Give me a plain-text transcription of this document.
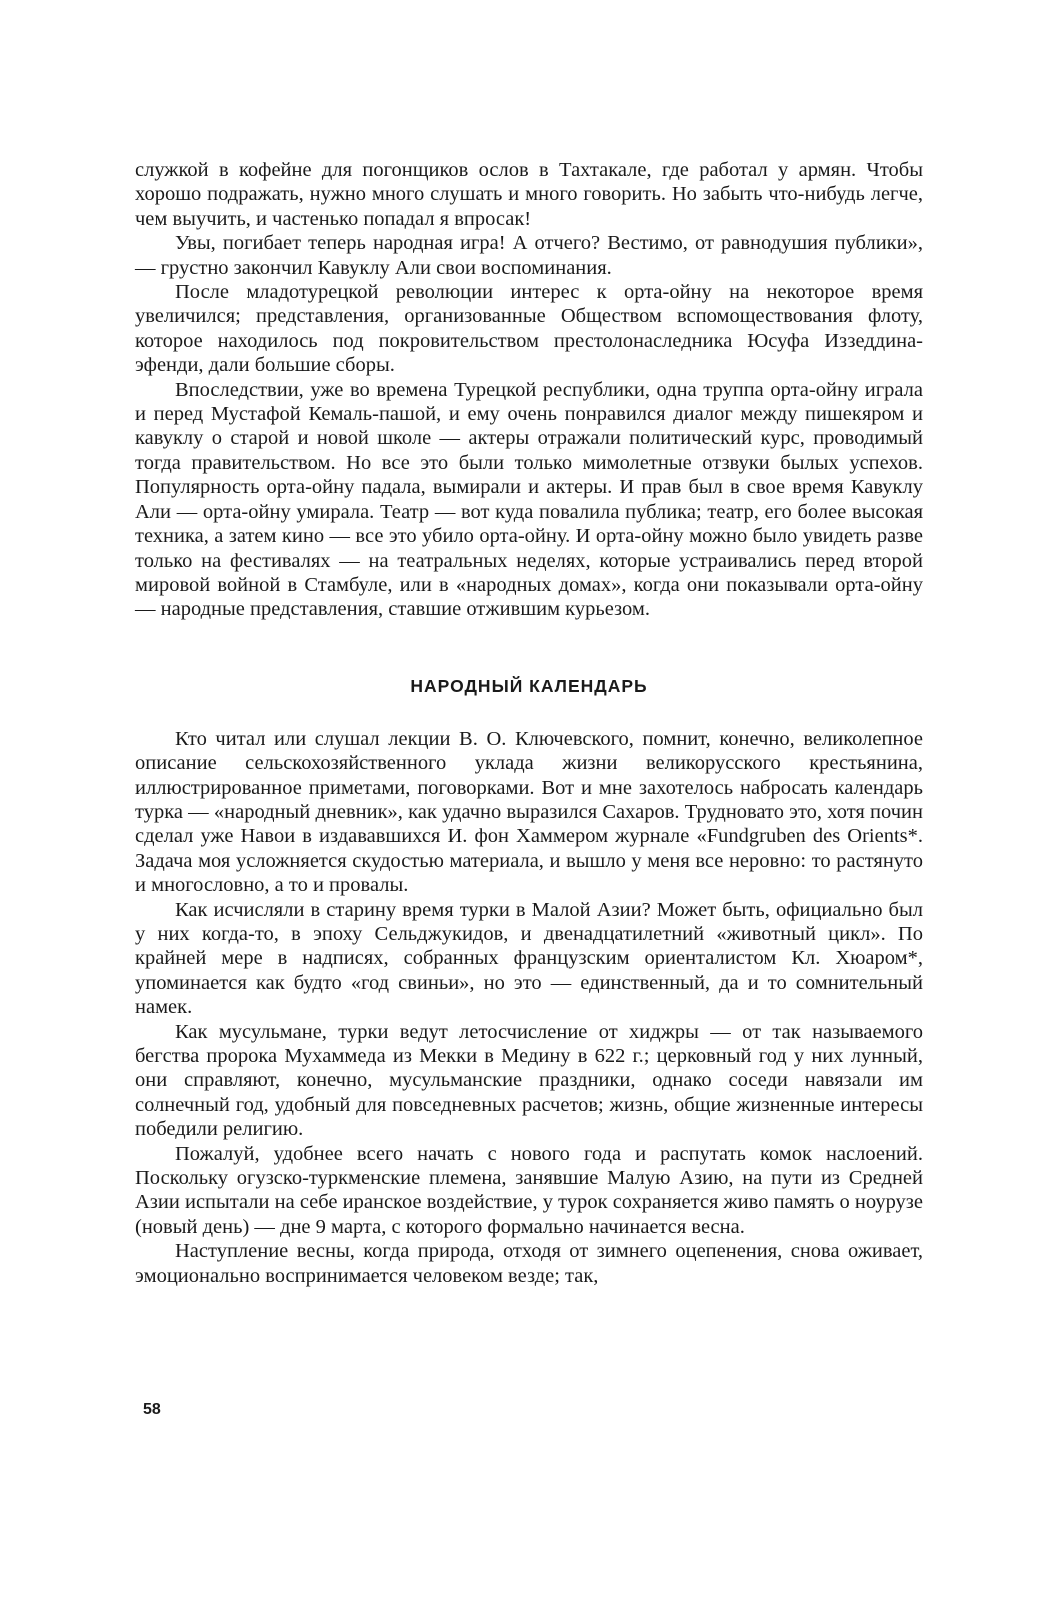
служкой в кофейне для погонщиков ослов в Тахтакале, где работал у армян. Чтобы хорошо подражать, нужно много слушать и много говорить. Но забыть что-нибудь легче, чем выучить, и частенько попадал я впросак!

Увы, погибает теперь народная игра! А отчего? Вестимо, от равнодушия публики»,— грустно закончил Кавуклу Али свои воспоминания.

После младотурецкой революции интерес к орта-ойну на некоторое время увеличился; представления, организованные Обществом вспомоществования флоту, которое находилось под покровительством престолонаследника Юсуфа Иззеддина-эфенди, дали большие сборы.

Впоследствии, уже во времена Турецкой республики, одна труппа орта-ойну играла и перед Мустафой Кемаль-пашой, и ему очень понравился диалог между пишекяром и кавуклу о старой и новой школе — актеры отражали политический курс, проводимый тогда правительством. Но все это были только мимолетные отзвуки былых успехов. Популярность орта-ойну падала, вымирали и актеры. И прав был в свое время Кавуклу Али — орта-ойну умирала. Театр — вот куда повалила публика; театр, его более высокая техника, а затем кино — все это убило орта-ойну. И орта-ойну можно было увидеть разве только на фестивалях — на театральных неделях, которые устраивались перед второй мировой войной в Стамбуле, или в «народных домах», когда они показывали орта-ойну — народные представления, ставшие отжившим курьезом.

НАРОДНЫЙ КАЛЕНДАРЬ

Кто читал или слушал лекции В. О. Ключевского, помнит, конечно, великолепное описание сельскохозяйственного уклада жизни великорусского крестьянина, иллюстрированное приметами, поговорками. Вот и мне захотелось набросать календарь турка — «народный дневник», как удачно выразился Сахаров. Трудновато это, хотя почин сделал уже Навои в издававшихся И. фон Хаммером журнале «Fundgruben des Orients*. Задача моя усложняется скудостью материала, и вышло у меня все неровно: то растянуто и многословно, а то и провалы.

Как исчисляли в старину время турки в Малой Азии? Может быть, официально был у них когда-то, в эпоху Сельджукидов, и двенадцатилетний «животный цикл». По крайней мере в надписях, собранных французским ориенталистом Кл. Хюаром*, упоминается как будто «год свиньи», но это — единственный, да и то сомнительный намек.

Как мусульмане, турки ведут летосчисление от хиджры — от так называемого бегства пророка Мухаммеда из Мекки в Медину в 622 г.; церковный год у них лунный, они справляют, конечно, мусульманские праздники, однако соседи навязали им солнечный год, удобный для повседневных расчетов; жизнь, общие жизненные интересы победили религию.

Пожалуй, удобнее всего начать с нового года и распутать комок наслоений. Поскольку огузско-туркменские племена, занявшие Малую Азию, на пути из Средней Азии испытали на себе иранское воздействие, у турок сохраняется живо память о ноурузе (новый день) — дне 9 марта, с которого формально начинается весна.

Наступление весны, когда природа, отходя от зимнего оцепенения, снова оживает, эмоционально воспринимается человеком везде; так,

58
